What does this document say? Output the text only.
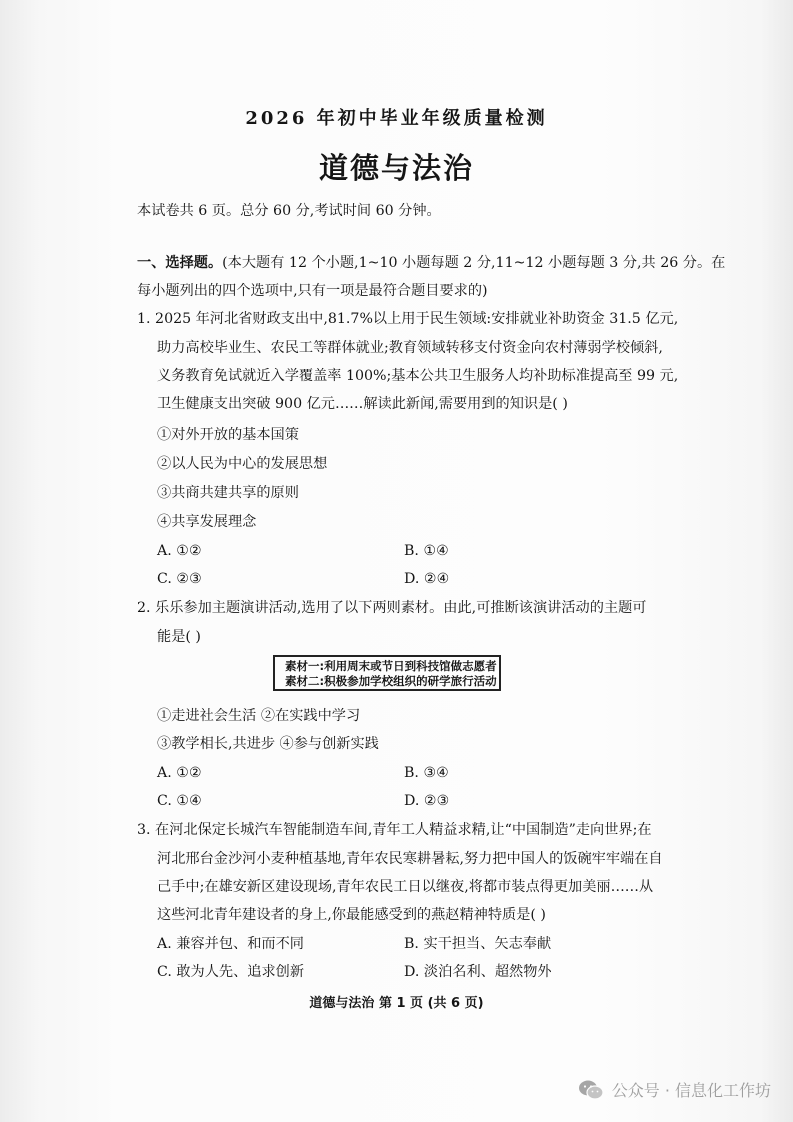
2026 年初中毕业年级质量检测
道德与法治
本试卷共 6 页。总分 60 分,考试时间 60 分钟。
一、选择题。(本大题有 12 个小题,1~10 小题每题 2 分,11~12 小题每题 3 分,共 26 分。在
每小题列出的四个选项中,只有一项是最符合题目要求的)
1. 2025 年河北省财政支出中,81.7%以上用于民生领域:安排就业补助资金 31.5 亿元,
助力高校毕业生、农民工等群体就业;教育领域转移支付资金向农村薄弱学校倾斜,
义务教育免试就近入学覆盖率 100%;基本公共卫生服务人均补助标准提高至 99 元,
卫生健康支出突破 900 亿元……解读此新闻,需要用到的知识是( )
①对外开放的基本国策
②以人民为中心的发展思想
③共商共建共享的原则
④共享发展理念
A. ①②	B. ①④
C. ②③	D. ②④
2. 乐乐参加主题演讲活动,选用了以下两则素材。由此,可推断该演讲活动的主题可
能是( )
素材一:利用周末或节日到科技馆做志愿者
素材二:积极参加学校组织的研学旅行活动
①走进社会生活 ②在实践中学习
③教学相长,共进步 ④参与创新实践
A. ①②	B. ③④
C. ①④	D. ②③
3. 在河北保定长城汽车智能制造车间,青年工人精益求精,让“中国制造”走向世界;在
河北邢台金沙河小麦种植基地,青年农民寒耕暑耘,努力把中国人的饭碗牢牢端在自
己手中;在雄安新区建设现场,青年农民工日以继夜,将都市装点得更加美丽……从
这些河北青年建设者的身上,你最能感受到的燕赵精神特质是( )
A. 兼容并包、和而不同	B. 实干担当、矢志奉献
C. 敢为人先、追求创新	D. 淡泊名利、超然物外
道德与法治 第 1 页 (共 6 页)
公众号 · 信息化工作坊
